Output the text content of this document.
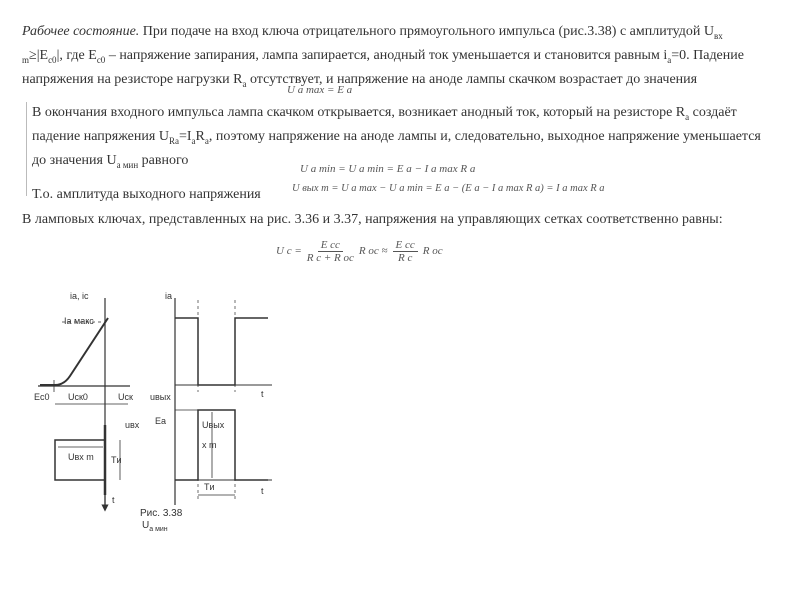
Рабочее состояние. При подаче на вход ключа отрицательного прямоугольного импульса (рис.3.38) с амплитудой $U_{вх m}\ge|E_{c0}|$, где $E_{c0}$ – напряжение запирания, лампа запирается, анодный ток уменьшается и становится равным $i_a=0$. Падение напряжения на резисторе нагрузки $R_a$ отсутствует, и напряжение на аноде лампы скачком возрастает до значения
U a max = E a
В окончания входного импульса лампа скачком открывается, возникает анодный ток, который на резисторе $R_a$ создаёт падение напряжения $U_{Ra}=I_aR_a$, поэтому напряжение на аноде лампы и, следовательно, выходное напряжение уменьшается до значения $U_{a мин}$ равного
U a min = U a min = E a − I a max R a
Т.о. амплитуда выходного напряжения	U вых m = U a max − U a min = E a − (E a − I a max R a) = I a max R a
В ламповых ключах, представленных на рис. 3.36 и 3.37, напряжения на управляющих сетках соответственно равны:
U c =
E cc
R c + R ос
R ос ≈ $\frac{\text{E cc}}{\text{R c}}$ R ос
iа, iс	iа
Iа макс
Ec0 Uск0	Uск
uвх
Uвх m Tи
t
uвых
Eа	Uвых
x m
t
t
Tи
Рис. 3.38
$U_{а мин}$
